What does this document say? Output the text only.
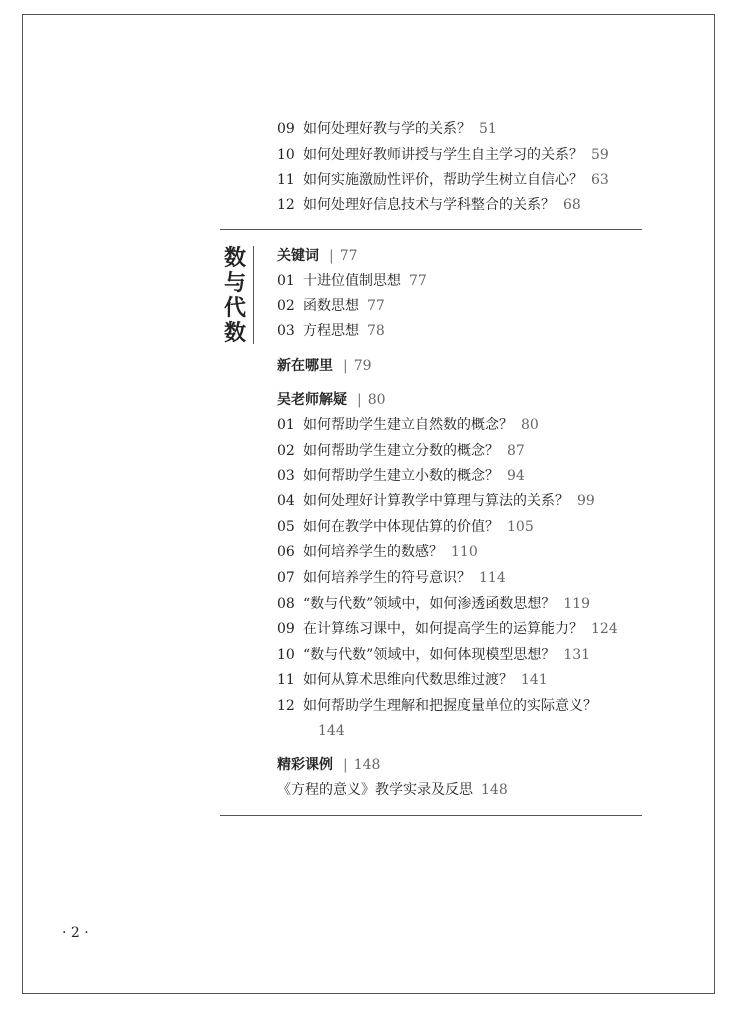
09 如何处理好教与学的关系？ 51
10 如何处理好教师讲授与学生自主学习的关系？ 59
11 如何实施激励性评价，帮助学生树立自信心？ 63
12 如何处理好信息技术与学科整合的关系？ 68
数与代数
关键词 | 77
01 十进位值制思想 77
02 函数思想 77
03 方程思想 78
新在哪里 | 79
吴老师解疑 | 80
01 如何帮助学生建立自然数的概念？ 80
02 如何帮助学生建立分数的概念？ 87
03 如何帮助学生建立小数的概念？ 94
04 如何处理好计算教学中算理与算法的关系？ 99
05 如何在教学中体现估算的价值？ 105
06 如何培养学生的数感？ 110
07 如何培养学生的符号意识？ 114
08 “数与代数”领域中，如何渗透函数思想？ 119
09 在计算练习课中，如何提高学生的运算能力？ 124
10 “数与代数”领域中，如何体现模型思想？ 131
11 如何从算术思维向代数思维过渡？ 141
12 如何帮助学生理解和把握度量单位的实际意义？
144
精彩课例 | 148
《方程的意义》教学实录及反思 148
· 2 ·
